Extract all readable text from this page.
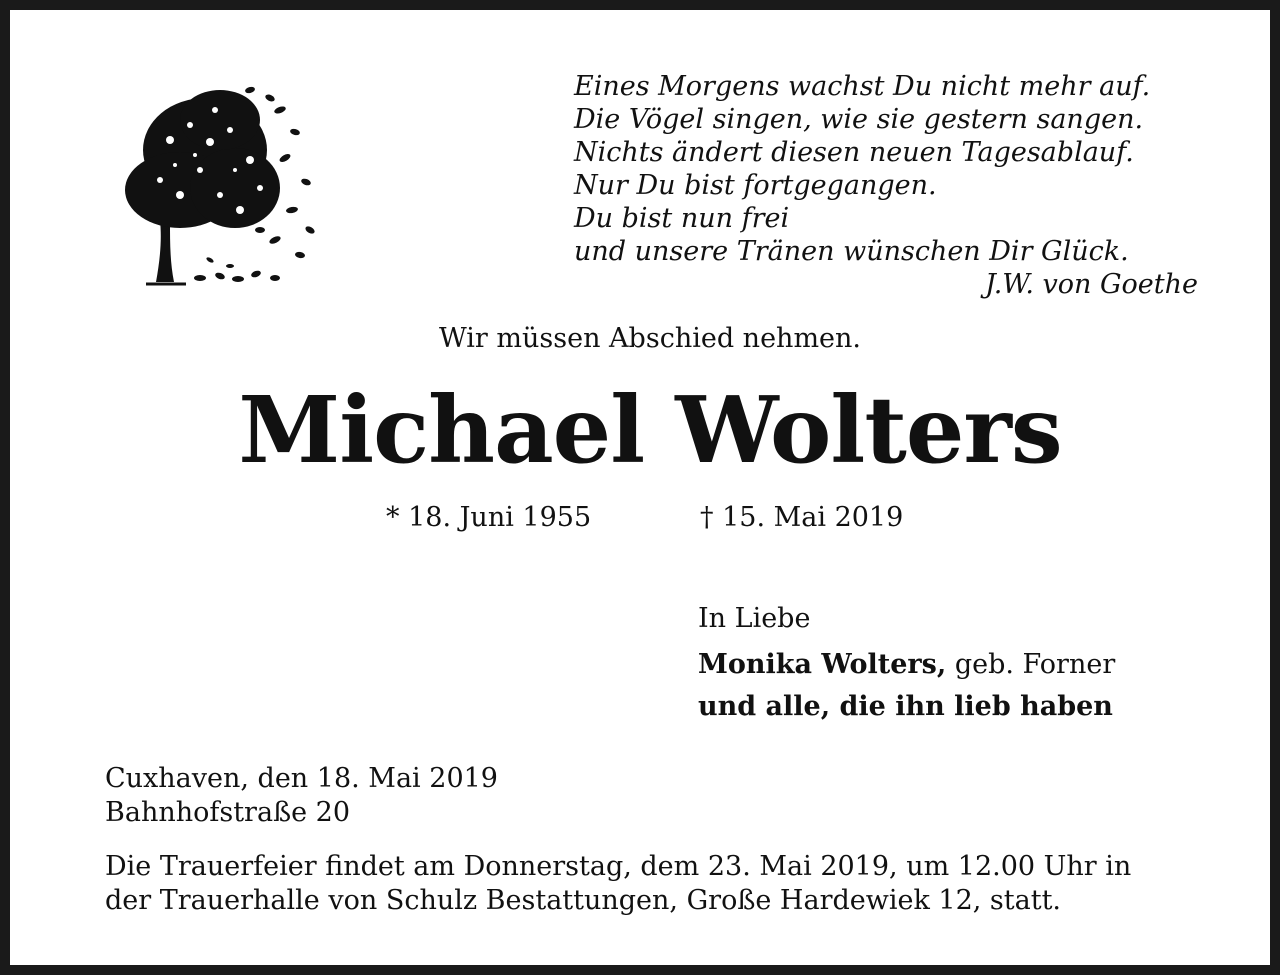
Eines Morgens wachst Du nicht mehr auf.
Die Vögel singen, wie sie gestern sangen.
Nichts ändert diesen neuen Tagesablauf.
Nur Du bist fortgegangen.
Du bist nun frei
und unsere Tränen wünschen Dir Glück.
J.W. von Goethe
Wir müssen Abschied nehmen.
Michael Wolters
* 18. Juni 1955	† 15. Mai 2019
In Liebe
Monika Wolters, geb. Forner
und alle, die ihn lieb haben
Cuxhaven, den 18. Mai 2019
Bahnhofstraße 20
Die Trauerfeier findet am Donnerstag, dem 23. Mai 2019, um 12.00 Uhr in
der Trauerhalle von Schulz Bestattungen, Große Hardewiek 12, statt.
